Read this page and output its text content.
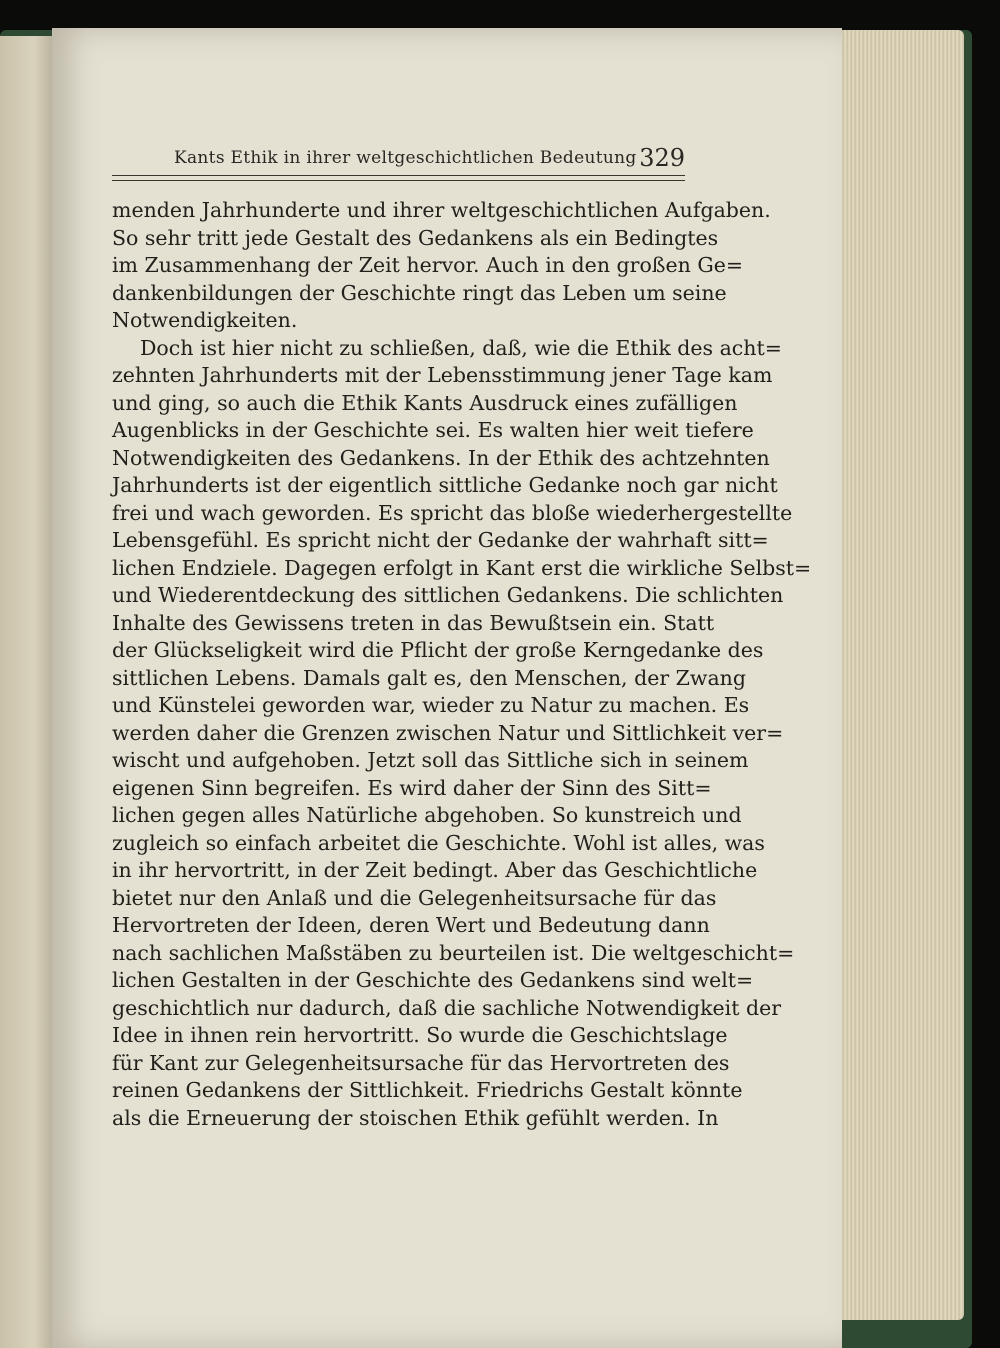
Kants Ethik in ihrer weltgeschichtlichen Bedeutung 329
menden Jahrhunderte und ihrer weltgeschichtlichen Aufgaben.
So sehr tritt jede Gestalt des Gedankens als ein Bedingtes
im Zusammenhang der Zeit hervor. Auch in den großen Ge=
dankenbildungen der Geschichte ringt das Leben um seine
Notwendigkeiten.
Doch ist hier nicht zu schließen, daß, wie die Ethik des acht=
zehnten Jahrhunderts mit der Lebensstimmung jener Tage kam
und ging, so auch die Ethik Kants Ausdruck eines zufälligen
Augenblicks in der Geschichte sei. Es walten hier weit tiefere
Notwendigkeiten des Gedankens. In der Ethik des achtzehnten
Jahrhunderts ist der eigentlich sittliche Gedanke noch gar nicht
frei und wach geworden. Es spricht das bloße wiederhergestellte
Lebensgefühl. Es spricht nicht der Gedanke der wahrhaft sitt=
lichen Endziele. Dagegen erfolgt in Kant erst die wirkliche Selbst=
und Wiederentdeckung des sittlichen Gedankens. Die schlichten
Inhalte des Gewissens treten in das Bewußtsein ein. Statt
der Glückseligkeit wird die Pflicht der große Kerngedanke des
sittlichen Lebens. Damals galt es, den Menschen, der Zwang
und Künstelei geworden war, wieder zu Natur zu machen. Es
werden daher die Grenzen zwischen Natur und Sittlichkeit ver=
wischt und aufgehoben. Jetzt soll das Sittliche sich in seinem
eigenen Sinn begreifen. Es wird daher der Sinn des Sitt=
lichen gegen alles Natürliche abgehoben. So kunstreich und
zugleich so einfach arbeitet die Geschichte. Wohl ist alles, was
in ihr hervortritt, in der Zeit bedingt. Aber das Geschichtliche
bietet nur den Anlaß und die Gelegenheitsursache für das
Hervortreten der Ideen, deren Wert und Bedeutung dann
nach sachlichen Maßstäben zu beurteilen ist. Die weltgeschicht=
lichen Gestalten in der Geschichte des Gedankens sind welt=
geschichtlich nur dadurch, daß die sachliche Notwendigkeit der
Idee in ihnen rein hervortritt. So wurde die Geschichtslage
für Kant zur Gelegenheitsursache für das Hervortreten des
reinen Gedankens der Sittlichkeit. Friedrichs Gestalt könnte
als die Erneuerung der stoischen Ethik gefühlt werden. In
